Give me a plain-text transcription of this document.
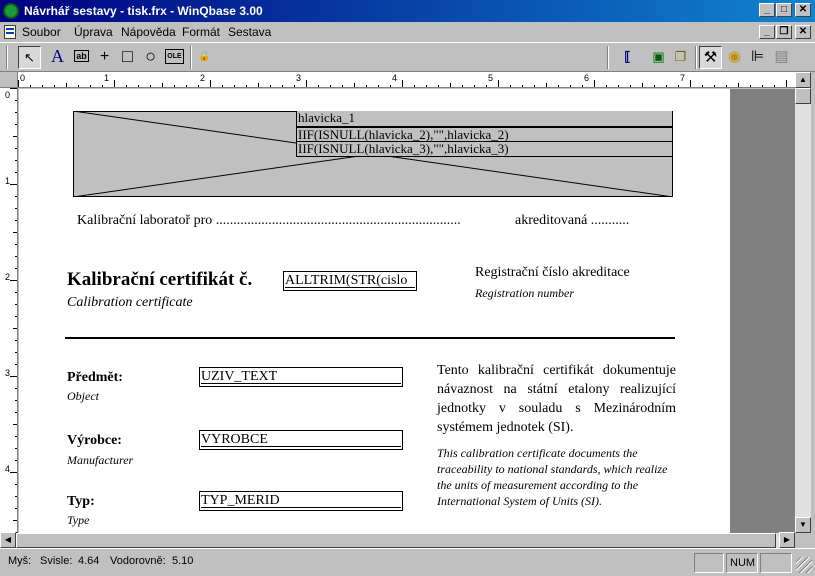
Návrhář sestavy - tisk.frx - WinQbase 3.00	_	□	✕
Soubor Úprava Nápověda Formát Sestava	_ ❐	✕
↖ A	ab + □ ○	OLE	🔒	⟦	▣ ❐	⚒ ◉ ⊫ ▤
0	1	2	3	4	5	6	7
0
1
2
3
4
hlavicka_1
IIF(ISNULL(hlavicka_2),"",hlavicka_2)
IIF(ISNULL(hlavicka_3),"",hlavicka_3)
Kalibrační laboratoř pro ......................................................................	akreditovaná ...........
Kalibrační certifikát č.
Calibration certificate
ALLTRIM(STR(cislo
Registrační číslo akreditace
Registration number
Předmět:
Object
UZIV_TEXT
Výrobce:
Manufacturer
VYROBCE
Typ:
Type
TYP_MERID
Tento kalibrační certifikát dokumentuje návaznost na státní etalony realizující jednotky v souladu s Mezinárodním systémem jednotek (SI).
This calibration certificate documents the traceability to national standards, which realize the units of measurement according to the International System of Units (SI).
▲
▼
◀	▶
Myš: Svisle: 4.64 Vodorovně: 5.10	NUM
